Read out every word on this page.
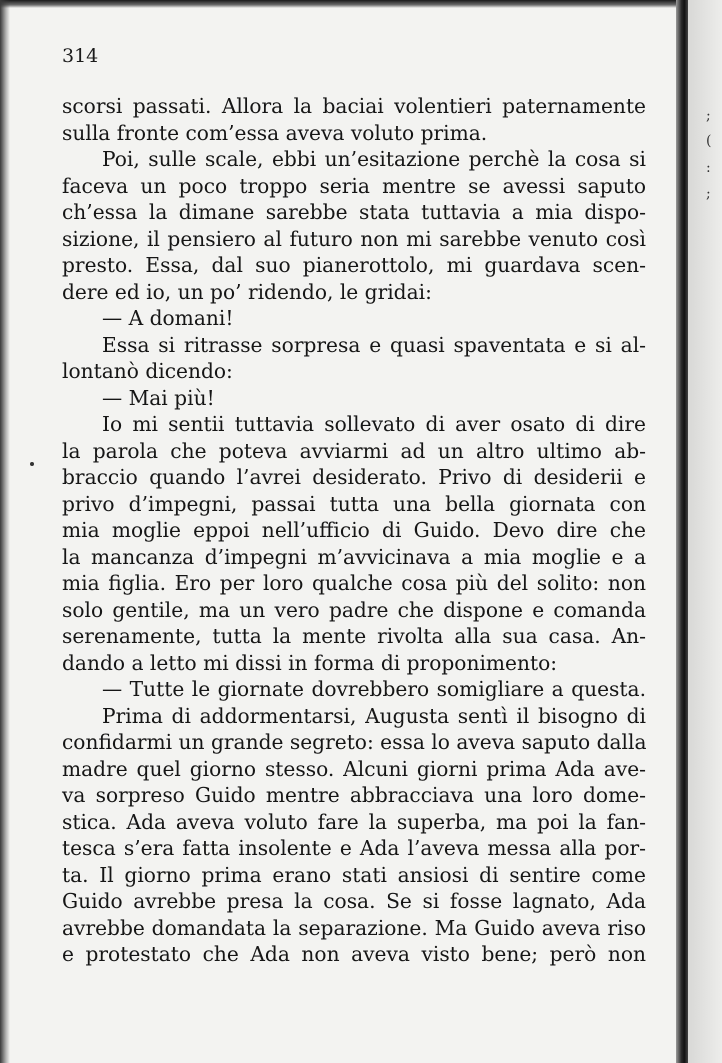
;
(
:
;
314
scorsi passati. Allora la baciai volentieri paternamente
sulla fronte com’essa aveva voluto prima.
Poi, sulle scale, ebbi un’esitazione perchè la cosa si
faceva un poco troppo seria mentre se avessi saputo
ch’essa la dimane sarebbe stata tuttavia a mia dispo-
sizione, il pensiero al futuro non mi sarebbe venuto così
presto. Essa, dal suo pianerottolo, mi guardava scen-
dere ed io, un po’ ridendo, le gridai:
— A domani!
Essa si ritrasse sorpresa e quasi spaventata e si al-
lontanò dicendo:
— Mai più!
Io mi sentii tuttavia sollevato di aver osato di dire
la parola che poteva avviarmi ad un altro ultimo ab-
braccio quando l’avrei desiderato. Privo di desiderii e
privo d’impegni, passai tutta una bella giornata con
mia moglie eppoi nell’ufficio di Guido. Devo dire che
la mancanza d’impegni m’avvicinava a mia moglie e a
mia figlia. Ero per loro qualche cosa più del solito: non
solo gentile, ma un vero padre che dispone e comanda
serenamente, tutta la mente rivolta alla sua casa. An-
dando a letto mi dissi in forma di proponimento:
— Tutte le giornate dovrebbero somigliare a questa.
Prima di addormentarsi, Augusta sentì il bisogno di
confidarmi un grande segreto: essa lo aveva saputo dalla
madre quel giorno stesso. Alcuni giorni prima Ada ave-
va sorpreso Guido mentre abbracciava una loro dome-
stica. Ada aveva voluto fare la superba, ma poi la fan-
tesca s’era fatta insolente e Ada l’aveva messa alla por-
ta. Il giorno prima erano stati ansiosi di sentire come
Guido avrebbe presa la cosa. Se si fosse lagnato, Ada
avrebbe domandata la separazione. Ma Guido aveva riso
e protestato che Ada non aveva visto bene; però non
